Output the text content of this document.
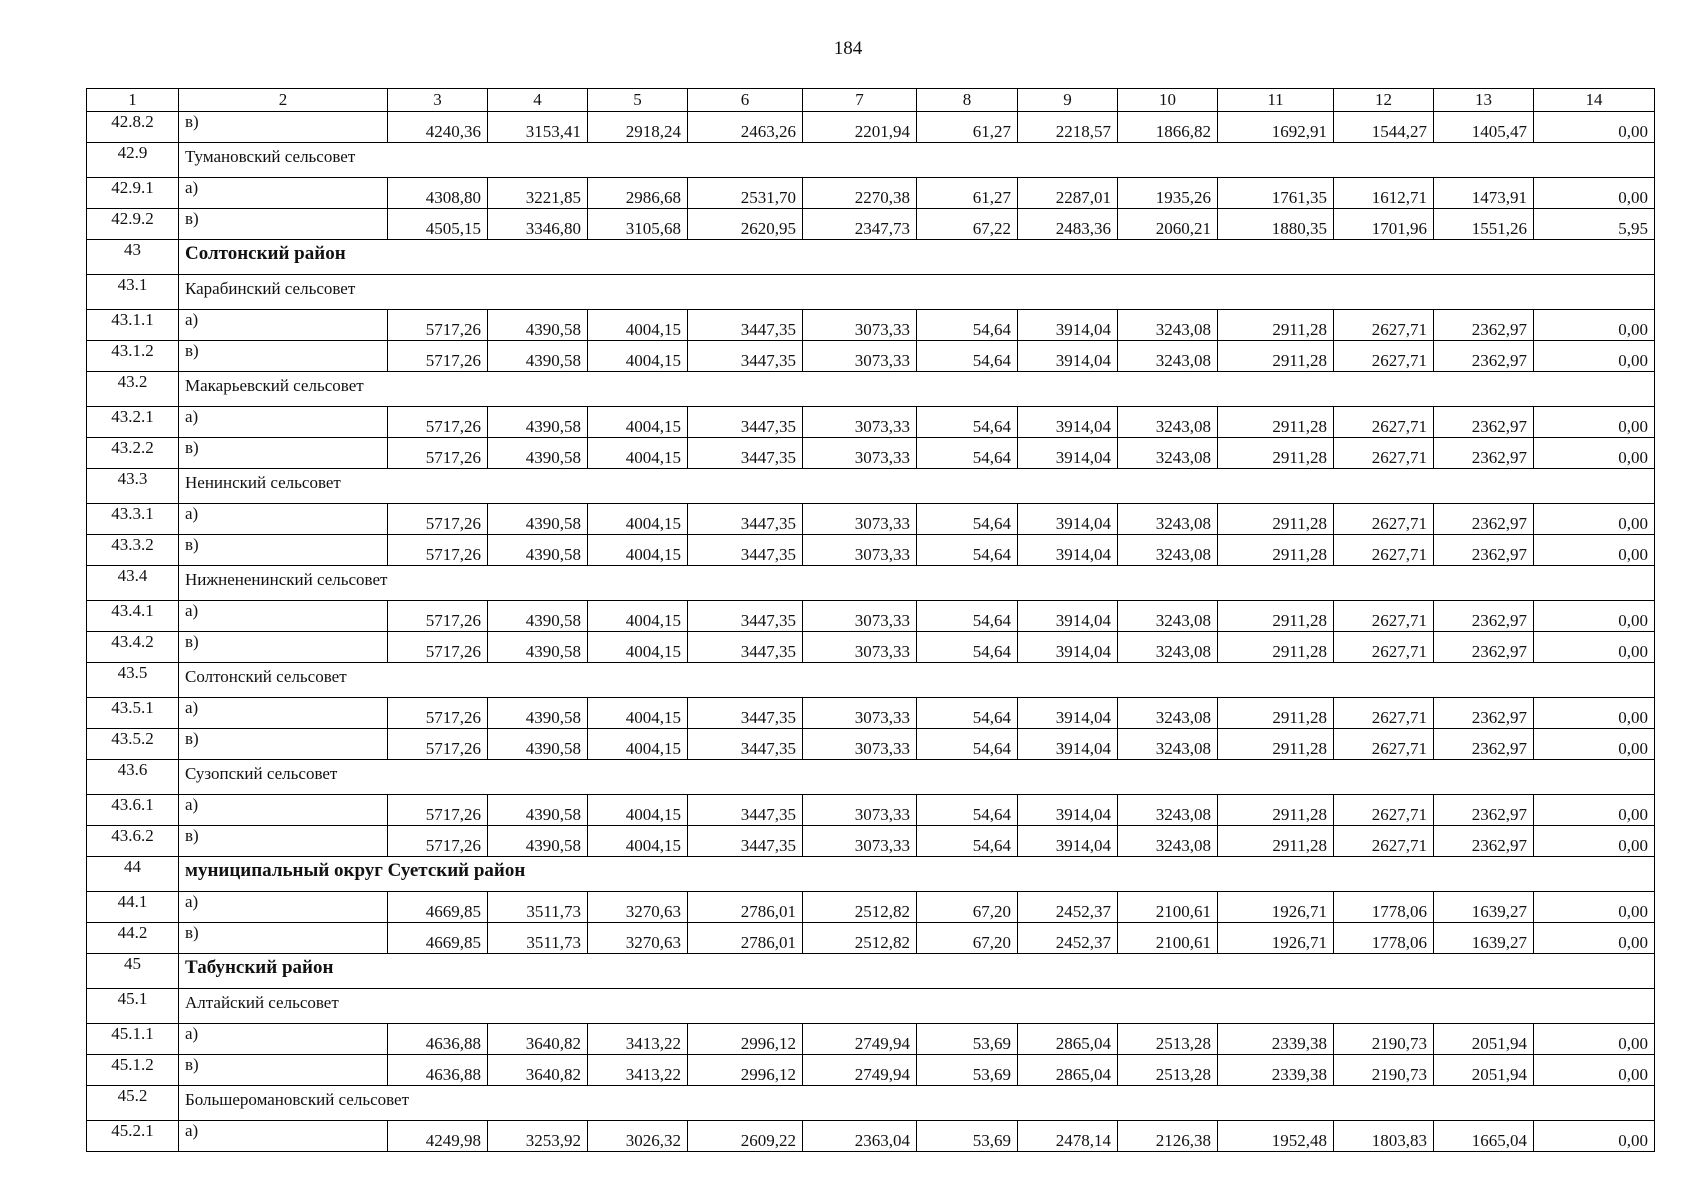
184
1	2	3	4	5	6	7	8	9	10	11	12	13	14
42.8.2	в)	4240,36	3153,41	2918,24	2463,26	2201,94	61,27	2218,57	1866,82	1692,91	1544,27	1405,47	0,00
42.9	Тумановский сельсовет												
42.9.1	а)	4308,80	3221,85	2986,68	2531,70	2270,38	61,27	2287,01	1935,26	1761,35	1612,71	1473,91	0,00
42.9.2	в)	4505,15	3346,80	3105,68	2620,95	2347,73	67,22	2483,36	2060,21	1880,35	1701,96	1551,26	5,95
43	Солтонский район												
43.1	Карабинский сельсовет												
43.1.1	а)	5717,26	4390,58	4004,15	3447,35	3073,33	54,64	3914,04	3243,08	2911,28	2627,71	2362,97	0,00
43.1.2	в)	5717,26	4390,58	4004,15	3447,35	3073,33	54,64	3914,04	3243,08	2911,28	2627,71	2362,97	0,00
43.2	Макарьевский сельсовет												
43.2.1	а)	5717,26	4390,58	4004,15	3447,35	3073,33	54,64	3914,04	3243,08	2911,28	2627,71	2362,97	0,00
43.2.2	в)	5717,26	4390,58	4004,15	3447,35	3073,33	54,64	3914,04	3243,08	2911,28	2627,71	2362,97	0,00
43.3	Ненинский сельсовет												
43.3.1	а)	5717,26	4390,58	4004,15	3447,35	3073,33	54,64	3914,04	3243,08	2911,28	2627,71	2362,97	0,00
43.3.2	в)	5717,26	4390,58	4004,15	3447,35	3073,33	54,64	3914,04	3243,08	2911,28	2627,71	2362,97	0,00
43.4	Нижнененинский сельсовет												
43.4.1	а)	5717,26	4390,58	4004,15	3447,35	3073,33	54,64	3914,04	3243,08	2911,28	2627,71	2362,97	0,00
43.4.2	в)	5717,26	4390,58	4004,15	3447,35	3073,33	54,64	3914,04	3243,08	2911,28	2627,71	2362,97	0,00
43.5	Солтонский сельсовет												
43.5.1	а)	5717,26	4390,58	4004,15	3447,35	3073,33	54,64	3914,04	3243,08	2911,28	2627,71	2362,97	0,00
43.5.2	в)	5717,26	4390,58	4004,15	3447,35	3073,33	54,64	3914,04	3243,08	2911,28	2627,71	2362,97	0,00
43.6	Сузопский сельсовет												
43.6.1	а)	5717,26	4390,58	4004,15	3447,35	3073,33	54,64	3914,04	3243,08	2911,28	2627,71	2362,97	0,00
43.6.2	в)	5717,26	4390,58	4004,15	3447,35	3073,33	54,64	3914,04	3243,08	2911,28	2627,71	2362,97	0,00
44	муниципальный округ Суетский район												
44.1	а)	4669,85	3511,73	3270,63	2786,01	2512,82	67,20	2452,37	2100,61	1926,71	1778,06	1639,27	0,00
44.2	в)	4669,85	3511,73	3270,63	2786,01	2512,82	67,20	2452,37	2100,61	1926,71	1778,06	1639,27	0,00
45	Табунский район												
45.1	Алтайский сельсовет												
45.1.1	а)	4636,88	3640,82	3413,22	2996,12	2749,94	53,69	2865,04	2513,28	2339,38	2190,73	2051,94	0,00
45.1.2	в)	4636,88	3640,82	3413,22	2996,12	2749,94	53,69	2865,04	2513,28	2339,38	2190,73	2051,94	0,00
45.2	Большеромановский сельсовет												
45.2.1	а)	4249,98	3253,92	3026,32	2609,22	2363,04	53,69	2478,14	2126,38	1952,48	1803,83	1665,04	0,00
